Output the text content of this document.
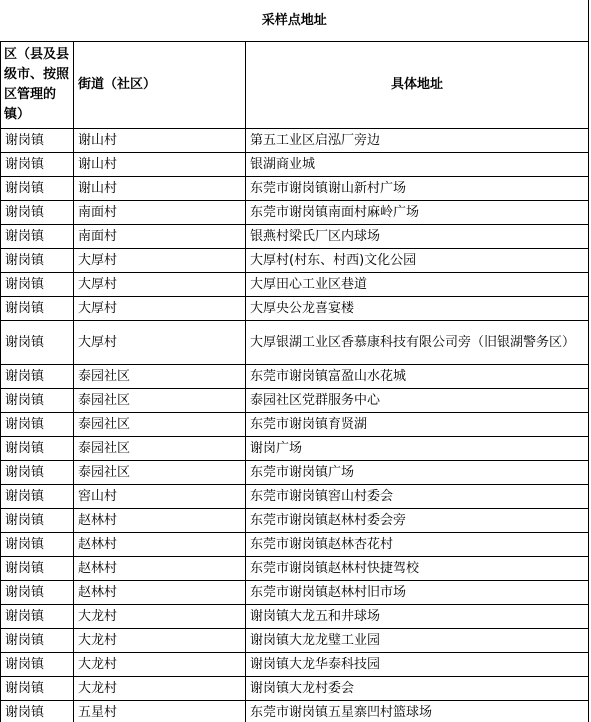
采样点地址		
区（县及县级市、按照区管理的镇）	街道（社区）	具体地址
谢岗镇	谢山村	第五工业区启泓厂旁边
谢岗镇	谢山村	银湖商业城
谢岗镇	谢山村	东莞市谢岗镇谢山新村广场
谢岗镇	南面村	东莞市谢岗镇南面村麻岭广场
谢岗镇	南面村	银燕村梁氏厂区内球场
谢岗镇	大厚村	大厚村(村东、村西)文化公园
谢岗镇	大厚村	大厚田心工业区巷道
谢岗镇	大厚村	大厚央公龙喜宴楼
谢岗镇	大厚村	大厚银湖工业区香慕康科技有限公司旁（旧银湖警务区）
谢岗镇	泰园社区	东莞市谢岗镇富盈山水花城
谢岗镇	泰园社区	泰园社区党群服务中心
谢岗镇	泰园社区	东莞市谢岗镇育贤湖
谢岗镇	泰园社区	谢岗广场
谢岗镇	泰园社区	东莞市谢岗镇广场
谢岗镇	窖山村	东莞市谢岗镇窖山村委会
谢岗镇	赵林村	东莞市谢岗镇赵林村委会旁
谢岗镇	赵林村	东莞市谢岗镇赵林杏花村
谢岗镇	赵林村	东莞市谢岗镇赵林村快捷驾校
谢岗镇	赵林村	东莞市谢岗镇赵林村旧市场
谢岗镇	大龙村	谢岗镇大龙五和井球场
谢岗镇	大龙村	谢岗镇大龙龙璧工业园
谢岗镇	大龙村	谢岗镇大龙华泰科技园
谢岗镇	大龙村	谢岗镇大龙村委会
谢岗镇	五星村	东莞市谢岗镇五星寨凹村篮球场
